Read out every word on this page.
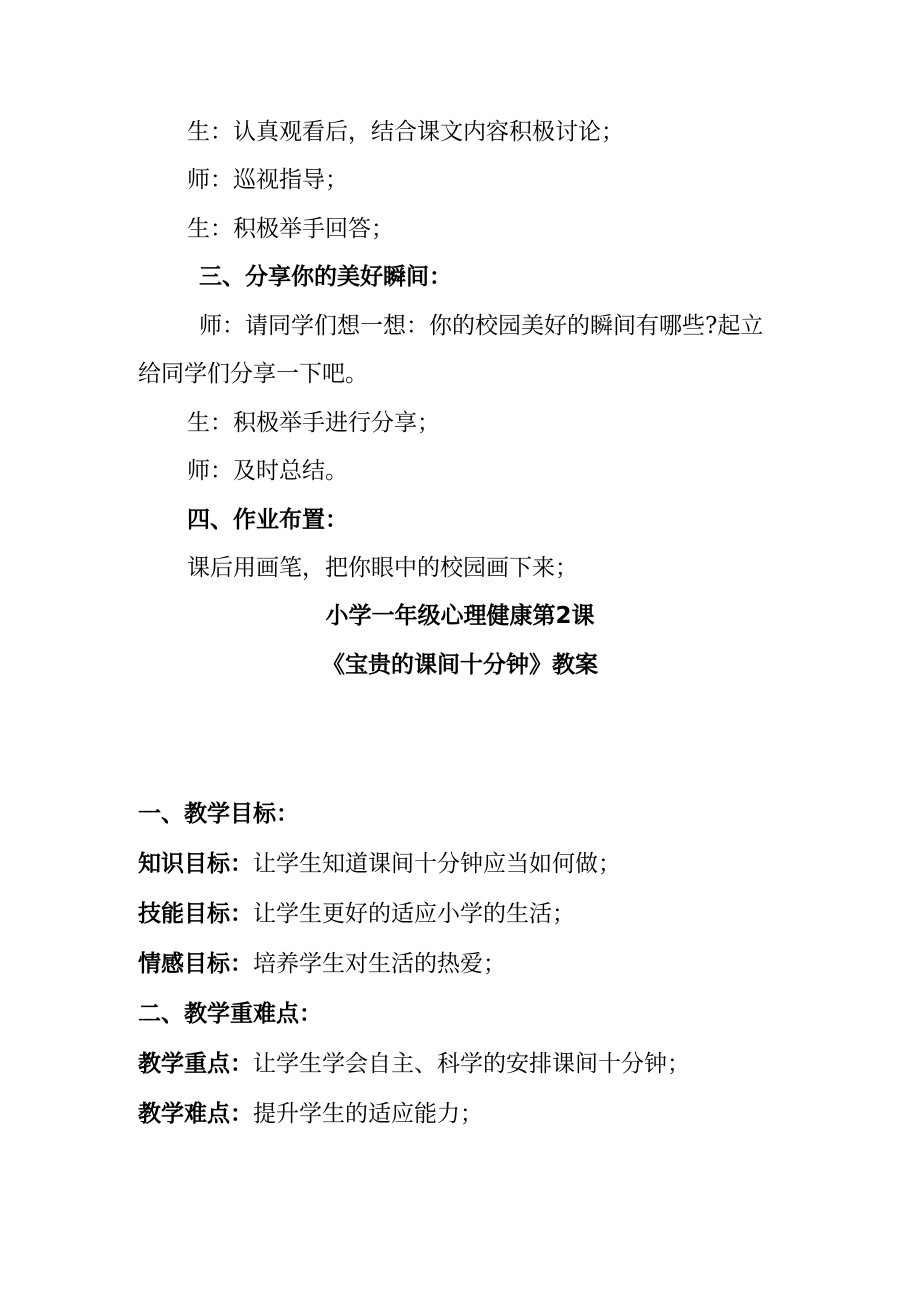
生：认真观看后，结合课文内容积极讨论；
师：巡视指导；
生：积极举手回答；
三、分享你的美好瞬间：
师：请同学们想一想：你的校园美好的瞬间有哪些?起立
给同学们分享一下吧。
生：积极举手进行分享；
师：及时总结。
四、作业布置：
课后用画笔，把你眼中的校园画下来；
小学一年级心理健康第2课
《宝贵的课间十分钟》教案
一、教学目标：
知识目标：让学生知道课间十分钟应当如何做；
技能目标：让学生更好的适应小学的生活；
情感目标：培养学生对生活的热爱；
二、教学重难点：
教学重点：让学生学会自主、科学的安排课间十分钟；
教学难点：提升学生的适应能力；
